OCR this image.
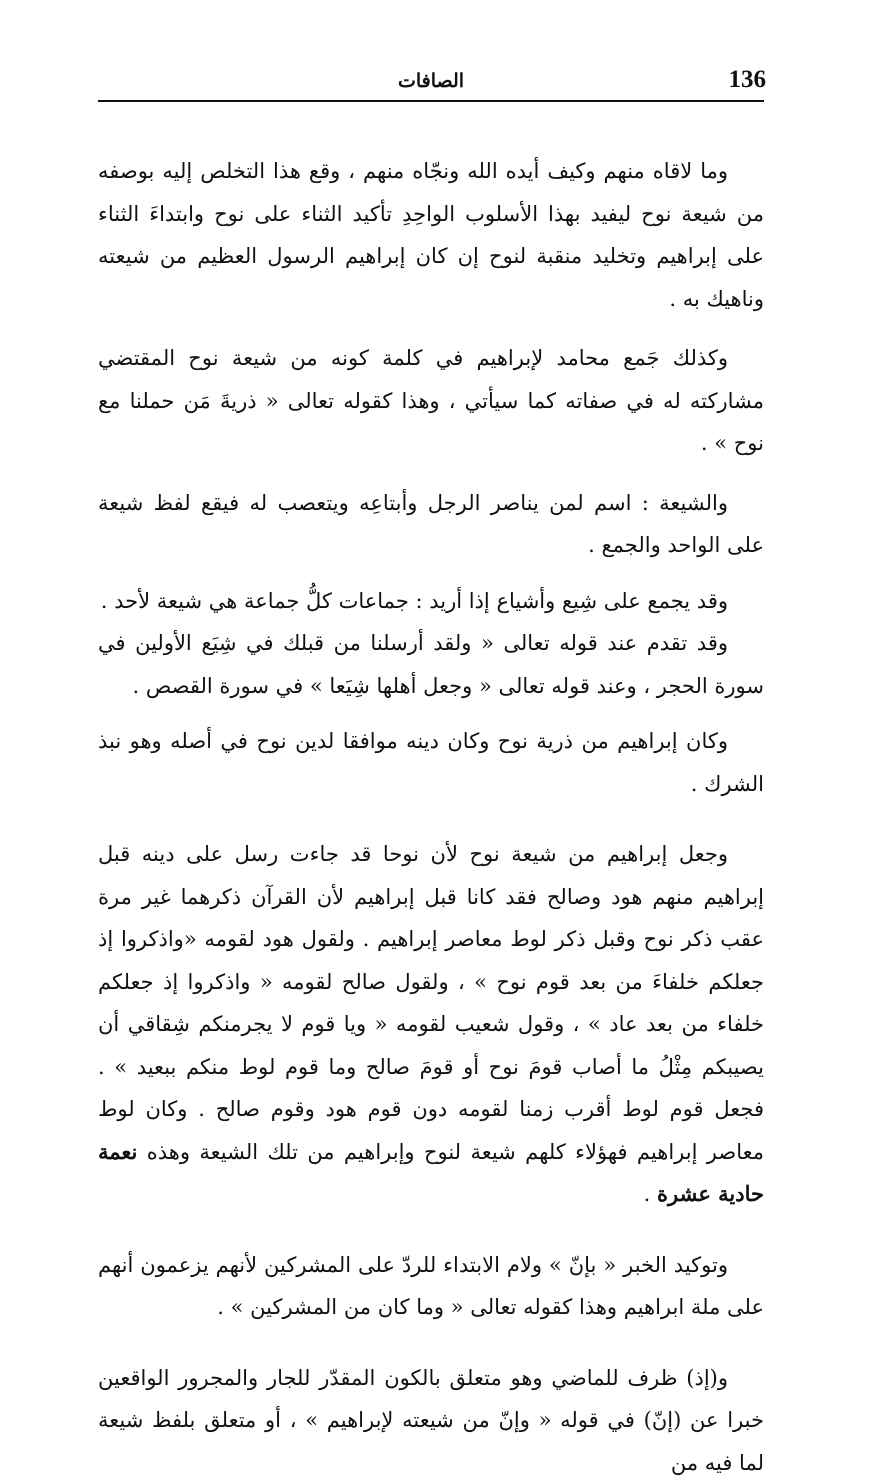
136
الصافات

وما لاقاه منهم وكيف أيده الله ونجّاه منهم ، وقع هذا التخلص إليه بوصفه من شيعة نوح ليفيد بهذا الأسلوب الواحِدِ تأكيد الثناء على نوح وابتداءَ الثناء على إبراهيم وتخليد منقبة لنوح إن كان إبراهيم الرسول العظيم من شيعته وناهيك به .

وكذلك جَمع محامد لإبراهيم في كلمة كونه من شيعة نوح المقتضي مشاركته له في صفاته كما سيأتي ، وهذا كقوله تعالى « ذريةَ مَن حملنا مع نوح » .

والشيعة : اسم لمن يناصر الرجل وأبتاعِه ويتعصب له فيقع لفظ شيعة على الواحد والجمع .

وقد يجمع على شِيع وأشياع إذا أريد : جماعات كلُّ جماعة هي شيعة لأحد .

وقد تقدم عند قوله تعالى « ولقد أرسلنا من قبلك في شِيَع الأولين في سورة الحجر ، وعند قوله تعالى « وجعل أهلها شِيَعا » في سورة القصص .

وكان إبراهيم من ذرية نوح وكان دينه موافقا لدين نوح في أصله وهو نبذ الشرك .

وجعل إبراهيم من شيعة نوح لأن نوحا قد جاءت رسل على دينه قبل إبراهيم منهم هود وصالح فقد كانا قبل إبراهيم لأن القرآن ذكرهما غير مرة عقب ذكر نوح وقبل ذكر لوط معاصر إبراهيم . ولقول هود لقومه «واذكروا إذ جعلكم خلفاءَ من بعد قوم نوح » ، ولقول صالح لقومه « واذكروا إذ جعلكم خلفاء من بعد عاد » ، وقول شعيب لقومه « ويا قوم لا يجرمنكم شِقاقي أن يصيبكم مِثْلُ ما أصاب قومَ نوح أو قومَ صالح وما قوم لوط منكم ببعيد » . فجعل قوم لوط أقرب زمنا لقومه دون قوم هود وقوم صالح . وكان لوط معاصر إبراهيم فهؤلاء كلهم شيعة لنوح وإبراهيم من تلك الشيعة وهذه نعمة حادية عشرة .

وتوكيد الخبر « بإنّ » ولام الابتداء للردّ على المشركين لأنهم يزعمون أنهم على ملة ابراهيم وهذا كقوله تعالى « وما كان من المشركين » .

و(إذ) ظرف للماضي وهو متعلق بالكون المقدّر للجار والمجرور الواقعين خبرا عن (إنّ) في قوله « وإنّ من شيعته لإبراهيم » ، أو متعلق بلفظ شيعة لما فيه من
